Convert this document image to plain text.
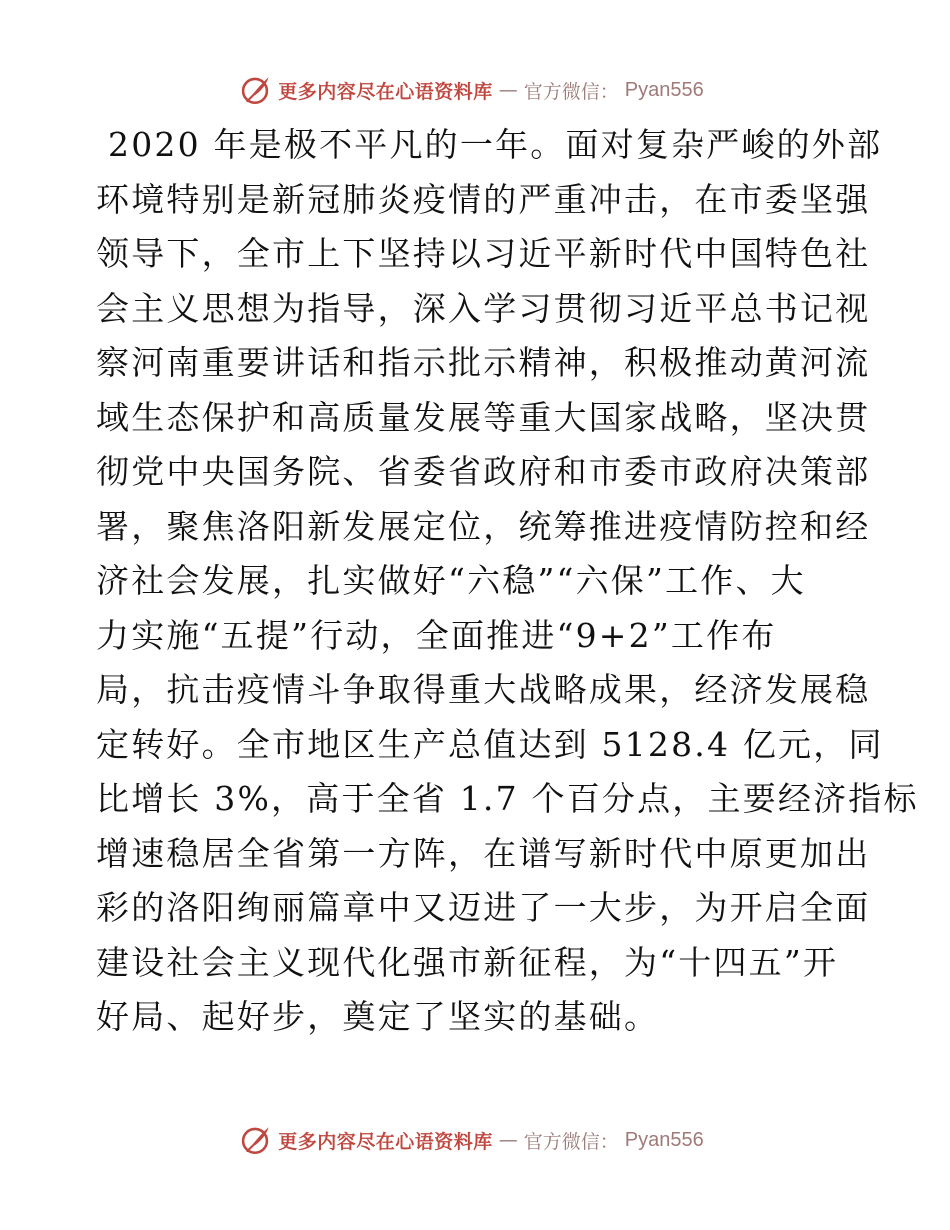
更多内容尽在心语资料库 — 官方微信： Pyan556
2020 年是极不平凡的一年。面对复杂严峻的外部
环境特别是新冠肺炎疫情的严重冲击，在市委坚强
领导下，全市上下坚持以习近平新时代中国特色社
会主义思想为指导，深入学习贯彻习近平总书记视
察河南重要讲话和指示批示精神，积极推动黄河流
域生态保护和高质量发展等重大国家战略，坚决贯
彻党中央国务院、省委省政府和市委市政府决策部
署，聚焦洛阳新发展定位，统筹推进疫情防控和经
济社会发展，扎实做好“六稳”“六保”工作、大
力实施“五提”行动，全面推进“9+2”工作布
局，抗击疫情斗争取得重大战略成果，经济发展稳
定转好。全市地区生产总值达到 5128.4 亿元，同
比增长 3%，高于全省 1.7 个百分点，主要经济指标
增速稳居全省第一方阵，在谱写新时代中原更加出
彩的洛阳绚丽篇章中又迈进了一大步，为开启全面
建设社会主义现代化强市新征程，为“十四五”开
好局、起好步，奠定了坚实的基础。
更多内容尽在心语资料库 — 官方微信： Pyan556
